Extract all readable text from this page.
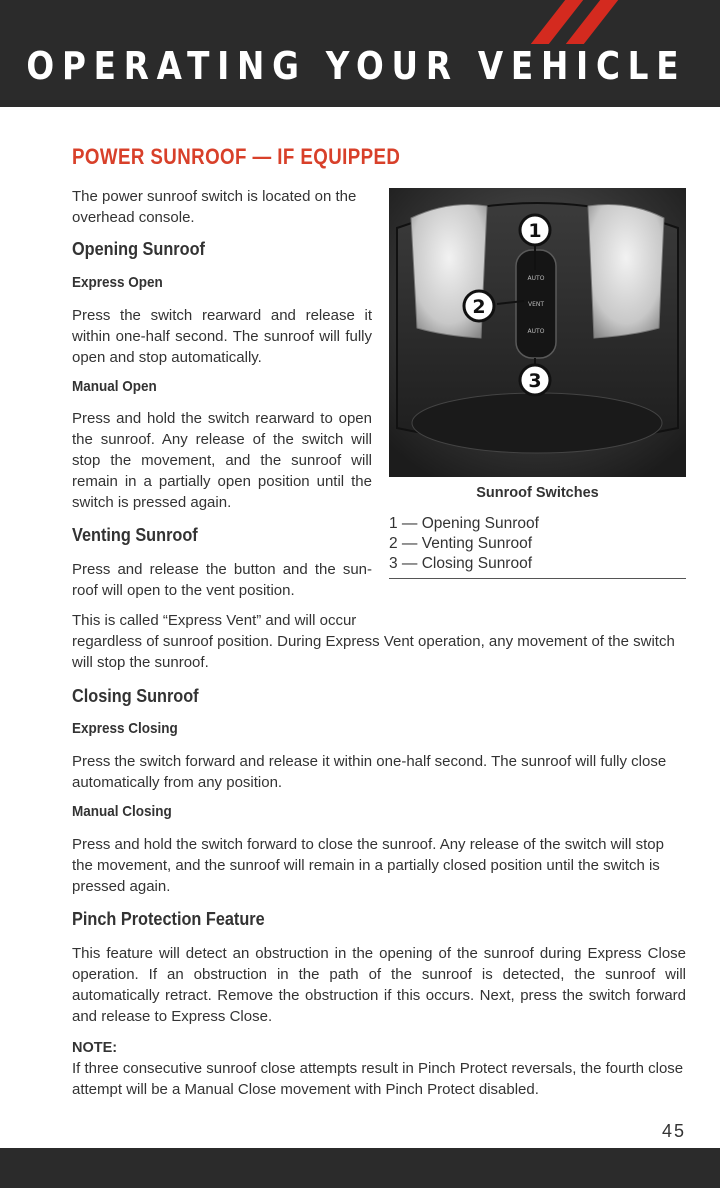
OPERATING YOUR VEHICLE
POWER SUNROOF — IF EQUIPPED

The power sunroof switch is located on the overhead console.

Opening Sunroof
Express Open

Press the switch rearward and release it within one-half second. The sunroof will fully open and stop automatically.

Manual Open

Press and hold the switch rearward to open the sunroof. Any release of the switch will stop the movement, and the sunroof will remain in a partially open position until the switch is pressed again.

Venting Sunroof

Press and release the button and the sun-roof will open to the vent position.

This is called “Express Vent” and will occur

regardless of sunroof position. During Express Vent operation, any movement of the switch will stop the sunroof.

AUTO
VENT
AUTO
1
2
3
Sunroof Switches
1 — Opening Sunroof
2 — Venting Sunroof
3 — Closing Sunroof
Closing Sunroof
Express Closing

Press the switch forward and release it within one-half second. The sunroof will fully close automatically from any position.

Manual Closing

Press and hold the switch forward to close the sunroof. Any release of the switch will stop the movement, and the sunroof will remain in a partially closed position until the switch is pressed again.

Pinch Protection Feature

This feature will detect an obstruction in the opening of the sunroof during Express Close operation. If an obstruction in the path of the sunroof is detected, the sunroof will automatically retract. Remove the obstruction if this occurs. Next, press the switch forward and release to Express Close.

NOTE:

If three consecutive sunroof close attempts result in Pinch Protect reversals, the fourth close attempt will be a Manual Close movement with Pinch Protect disabled.

45
